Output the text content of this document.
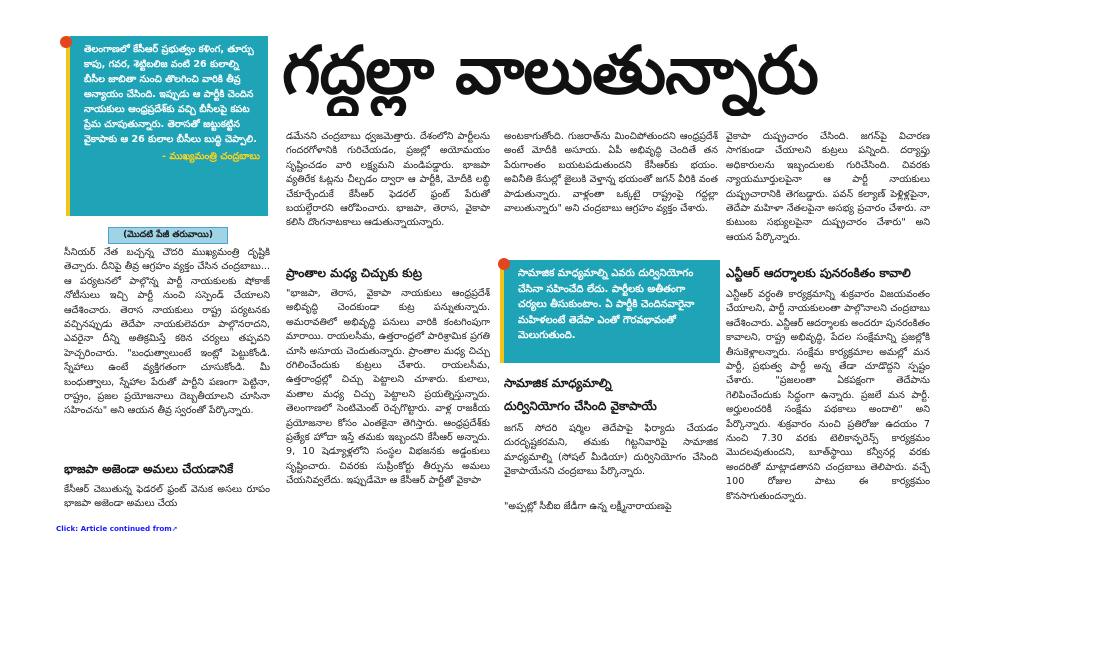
గద్దల్లా వాలుతున్నారు
తెలంగాణలో కేసీఆర్ ప్రభుత్వం కళింగ, తూర్పు కాపు, గవర, శెట్టిబలిజ వంటి 26 కులాల్ని బీసీల జాబితా నుంచి తొలగించి వారికి తీవ్ర అన్యాయం చేసింది. ఇప్పుడు ఆ పార్టీకి చెందిన నాయకులు ఆంధ్రప్రదేశ్‌కు వచ్చి బీసీలపై కపట ప్రేమ చూపుతున్నారు. తెరాసతో జట్టుకట్టిన వైకాపాకు ఆ 26 కులాల బీసీలు బుద్ధి చెప్పాలి.
- ముఖ్యమంత్రి చంద్రబాబు
(మొదటి పేజీ తరువాయి)
సీనియర్ నేత బచ్చన్న చౌదరి ముఖ్యమంత్రి దృష్టికి తెచ్చారు. దీనిపై తీవ్ర ఆగ్రహం వ్యక్తం చేసిన చంద్రబాబు... ఆ పర్యటనలో పాల్గొన్న పార్టీ నాయకులకు షోకాజ్ నోటీసులు ఇచ్చి పార్టీ నుంచి సస్పెండ్ చేయాలని ఆదేశించారు. తెరాస నాయకులు రాష్ట్ర పర్యటనకు వచ్చినప్పుడు తెదేపా నాయకులెవరూ పాల్గొనరాదని, ఎవరైనా దీన్ని అతిక్రమిస్తే కఠిన చర్యలు తప్పవని హెచ్చరించారు. "బంధుత్వాలుంటే ఇంట్లో పెట్టుకోండి. స్నేహాలు ఉంటే వ్యక్తిగతంగా చూసుకోండి. మీ బంధుత్వాలు, స్నేహాల పేరుతో పార్టీని పణంగా పెట్టినా, రాష్ట్రం, ప్రజల ప్రయోజనాలు దెబ్బతీయాలని చూసినా సహించను" అని ఆయన తీవ్ర స్వరంతో పేర్కొన్నారు.
భాజపా అజెండా అమలు చేయడానికే
కేసీఆర్ చెబుతున్న ఫెడరల్ ఫ్రంట్ వెనుక అసలు రూపం భాజపా అజెండా అమలు చేయ
డమేనని చంద్రబాబు ధ్వజమెత్తారు. దేశంలోని పార్టీలను గందరగోళానికి గురిచేయడం, ప్రజల్లో అయోమయం సృష్టించడం వారి లక్ష్యమని మండిపడ్డారు. భాజపా వ్యతిరేక ఓట్లను చీల్చడం ద్వారా ఆ పార్టీకి, మోదీకి లబ్ధి చేకూర్చేందుకే కేసీఆర్ ఫెడరల్ ఫ్రంట్ పేరుతో బయల్దేరారని ఆరోపించారు. భాజపా, తెరాస, వైకాపా కలిసి దొంగనాటకాలు ఆడుతున్నాయన్నారు.
ప్రాంతాల మధ్య చిచ్చుకు కుట్ర
"భాజపా, తెరాస, వైకాపా నాయకులు ఆంధ్రప్రదేశ్ అభివృద్ధి చెందకుండా కుట్ర పన్నుతున్నారు. అమరావతిలో అభివృద్ధి పనులు వారికి కంటగింపుగా మారాయి. రాయలసీమ, ఉత్తరాంధ్రలో పారిశ్రామిక ప్రగతి చూసి అసూయ చెందుతున్నారు. ప్రాంతాల మధ్య చిచ్చు రగిలించేందుకు కుట్రలు చేశారు. రాయలసీమ, ఉత్తరాంధ్రల్లో చిచ్చు పెట్టాలని చూశారు. కులాలు, మతాల మధ్య చిచ్చు పెట్టాలని ప్రయత్నిస్తున్నారు. తెలంగాణలో సెంటిమెంట్ రెచ్చగొట్టారు. వాళ్ల రాజకీయ ప్రయోజనాల కోసం ఎంతకైనా తెగిస్తారు. ఆంధ్రప్రదేశ్‌కు ప్రత్యేక హోదా ఇస్తే తమకు ఇబ్బందని కేసీఆర్ అన్నారు. 9, 10 షెడ్యూళ్లలోని సంస్థల విభజనకు అడ్డంకులు సృష్టించారు. చివరకు సుప్రీంకోర్టు తీర్పును అమలు చేయనివ్వలేదు. ఇప్పుడేమో ఆ కేసీఆర్ పార్టీతో వైకాపా
అంటకాగుతోంది. గుజరాత్‌ను మించిపోతుందని ఆంధ్రప్రదేశ్ అంటే మోదీకి అసూయ. ఏపీ అభివృద్ధి చెందితే తన పేరుగాంతం బయటపడుతుందని కేసీఆర్‌కు భయం. అవినీతి కేసుల్లో జైలుకి వెళ్తాన్న భయంతో జగన్ వీరికి వంత పాడుతున్నారు. వాళ్లంతా ఒక్కటై రాష్ట్రంపై గద్దల్లా వాలుతున్నారు" అని చంద్రబాబు ఆగ్రహం వ్యక్తం చేశారు.
సామాజిక మాధ్యమాల్ని ఎవరు దుర్వినియోగం చేసినా సహించేది లేదు. పార్టీలకు అతీతంగా చర్యలు తీసుకుంటాం. ఏ పార్టీకి చెందినవారైనా మహిళలంటే తెదేపా ఎంతో గౌరవభావంతో మెలుగుతుంది.
సామాజిక మాధ్యమాల్ని
దుర్వినియోగం చేసింది వైకాపాయే
జగన్ సోదరి షర్మిల తెదేపాపై ఫిర్యాదు చేయడం దురదృష్టకరమని, తమకు గిట్టనివారిపై సామాజిక మాధ్యమాల్ని (సోషల్ మీడియా) దుర్వినియోగం చేసింది వైకాపాయేనని చంద్రబాబు పేర్కొన్నారు.
"అప్పట్లో సీబీఐ జేడీగా ఉన్న లక్ష్మీనారాయణపై
వైకాపా దుష్ప్రచారం చేసింది. జగన్‌పై విచారణ సాగకుండా చేయాలని కుట్రలు పన్నింది. దర్యాప్తు అధికారులను ఇబ్బందులకు గురిచేసింది. చివరకు న్యాయమూర్తులపైనా ఆ పార్టీ నాయకులు దుష్ప్రచారానికి తెగబడ్డారు. పవన్ కల్యాణ్ పెళ్లిళ్లపైనా, తెదేపా మహిళా నేతలపైనా అసభ్య ప్రచారం చేశారు. నా కుటుంబ సభ్యులపైనా దుష్ప్రచారం చేశారు" అని ఆయన పేర్కొన్నారు.
ఎన్టీఆర్ ఆదర్శాలకు పునరంకితం కావాలి
ఎన్టీఆర్ వర్ధంతి కార్యక్రమాన్ని శుక్రవారం విజయవంతం చేయాలని, పార్టీ నాయకులంతా పాల్గొనాలని చంద్రబాబు ఆదేశించారు. ఎన్టీఆర్ ఆదర్శాలకు అందరూ పునరంకితం కావాలని, రాష్ట్ర అభివృద్ధి, పేదల సంక్షేమాన్ని ప్రజల్లోకి తీసుకెళ్లాలన్నారు. సంక్షేమ కార్యక్రమాల అమల్లో మన పార్టీ, ప్రభుత్వ పార్టీ అన్న తేడా చూడొద్దని స్పష్టం చేశారు. "ప్రజలంతా ఏకపక్షంగా తెదేపాను గెలిపించేందుకు సిద్ధంగా ఉన్నారు. ప్రజలే మన పార్టీ. అర్హులందరికీ సంక్షేమ పథకాలు అందాలి" అని పేర్కొన్నారు. శుక్రవారం నుంచి ప్రతిరోజు ఉదయం 7 నుంచి 7.30 వరకు టెలికాన్ఫరెన్స్ కార్యక్రమం మొదలవుతుందని, బూత్‌స్థాయి కన్వీనర్ల వరకు అందరితో మాట్లాడతానని చంద్రబాబు తెలిపారు. వచ్చే 100 రోజుల పాటు ఈ కార్యక్రమం కొనసాగుతుందన్నారు.
Click: Article continued from➚
